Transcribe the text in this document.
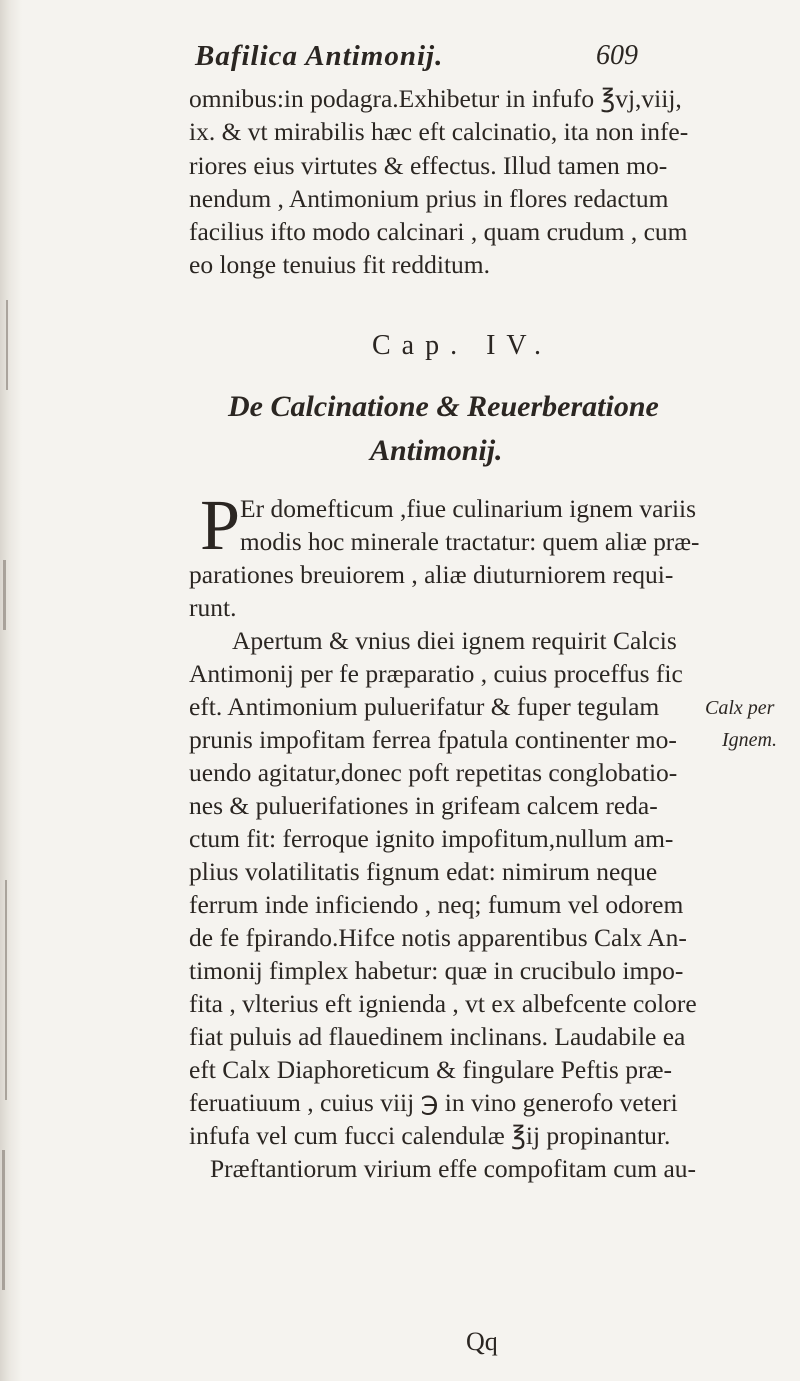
Bafilica Antimonij.	609
omnibus:in podagra.Exhibetur in infufo ℥vj,viij,
ix. & vt mirabilis hæc eft calcinatio, ita non infe-
riores eius virtutes & effectus. Illud tamen mo-
nendum , Antimonium prius in flores redactum
facilius ifto modo calcinari , quam crudum , cum
eo longe tenuius fit redditum.
Cap. IV.
De Calcinatione & Reuerberatione
Antimonij.
P Er domefticum ,fiue culinarium ignem variis
modis hoc minerale tractatur: quem aliæ præ-
parationes breuiorem , aliæ diuturniorem requi-
runt.
Apertum & vnius diei ignem requirit Calcis
Antimonij per fe præparatio , cuius proceffus fic
eft. Antimonium puluerifatur & fuper tegulam
prunis impofitam ferrea fpatula continenter mo-
uendo agitatur,donec poft repetitas conglobatio-
nes & puluerifationes in grifeam calcem reda-
ctum fit: ferroque ignito impofitum,nullum am-
plius volatilitatis fignum edat: nimirum neque
ferrum inde inficiendo , neq; fumum vel odorem
de fe fpirando.Hifce notis apparentibus Calx An-
timonij fimplex habetur: quæ in crucibulo impo-
fita , vlterius eft ignienda , vt ex albefcente colore
fiat puluis ad flauedinem inclinans. Laudabile ea
eft Calx Diaphoreticum & fingulare Peftis præ-
feruatiuum , cuius viij ℈ in vino generofo veteri
infufa vel cum fucci calendulæ ℥ij propinantur.
Præftantiorum virium effe compofitam cum au-
Calx per
Ignem.
Qq
